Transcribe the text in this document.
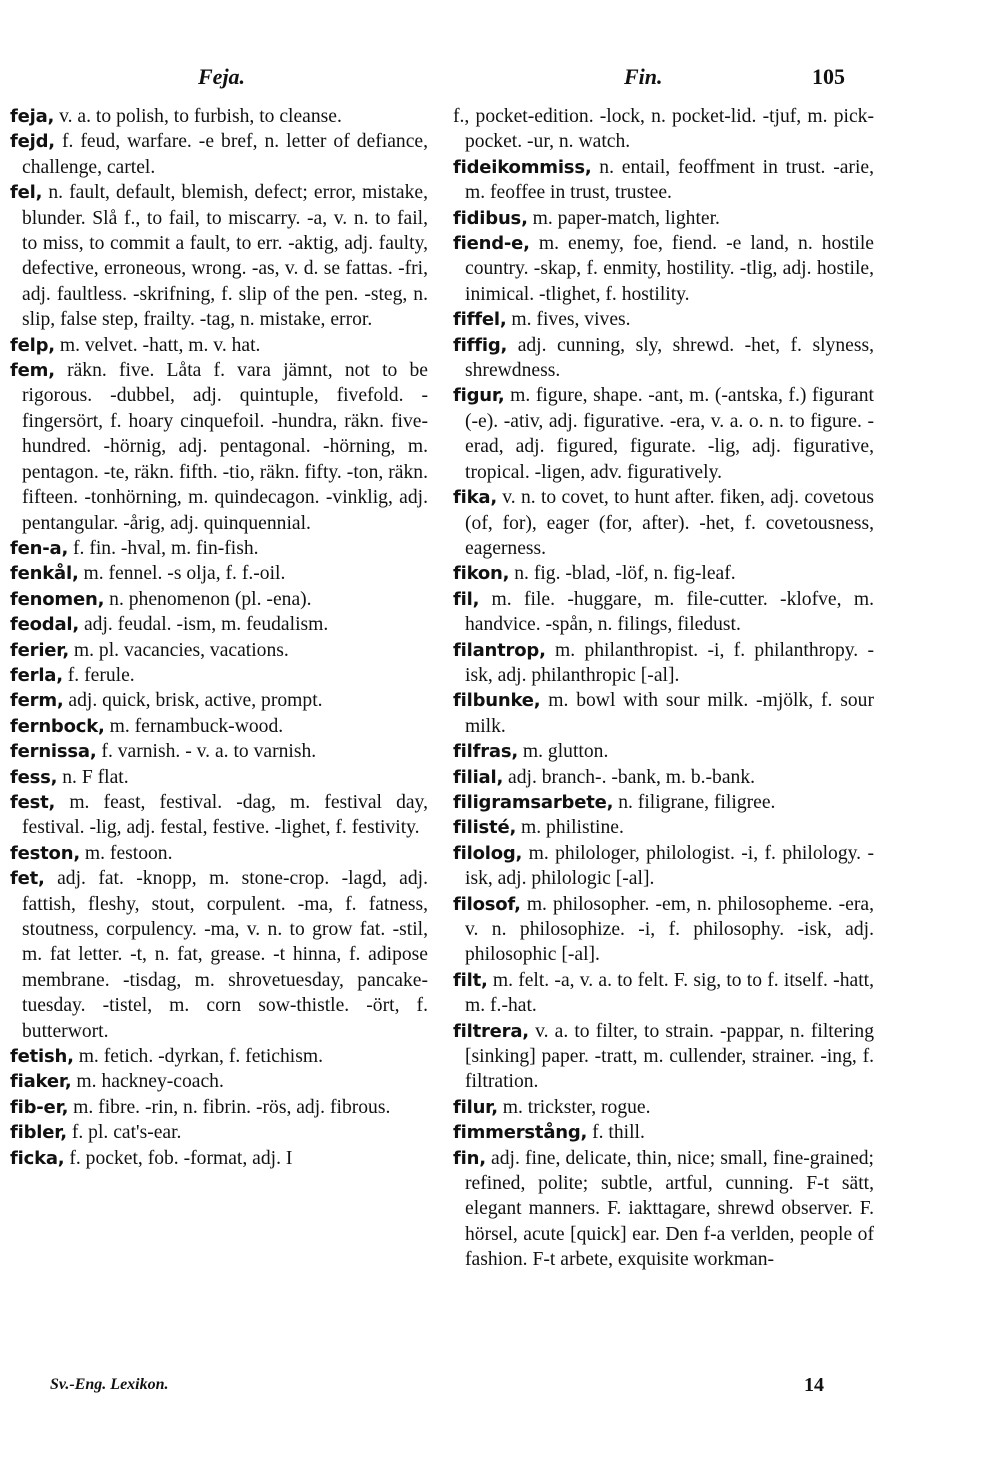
Feja.	Fin.	105

feja, v. a. to polish, to furbish, to cleanse.

fejd, f. feud, warfare. -e bref, n. letter of defiance, challenge, cartel.

fel, n. fault, default, blemish, defect; error, mistake, blunder. Slå f., to fail, to miscarry. -a, v. n. to fail, to miss, to commit a fault, to err. -aktig, adj. faulty, defective, erroneous, wrong. -as, v. d. se fattas. -fri, adj. faultless. -skrifning, f. slip of the pen. -steg, n. slip, false step, frailty. -tag, n. mistake, error.

felp, m. velvet. -hatt, m. v. hat.

fem, räkn. five. Låta f. vara jämnt, not to be rigorous. -dubbel, adj. quintuple, fivefold. -fingersört, f. hoary cinquefoil. -hundra, räkn. five-hundred. -hörnig, adj. pentagonal. -hörning, m. pentagon. -te, räkn. fifth. -tio, räkn. fifty. -ton, räkn. fifteen. -tonhörning, m. quindecagon. -vinklig, adj. pentangular. -årig, adj. quinquennial.

fen-a, f. fin. -hval, m. fin-fish.

fenkål, m. fennel. -s olja, f. f.-oil.

fenomen, n. phenomenon (pl. -ena).

feodal, adj. feudal. -ism, m. feudalism.

ferier, m. pl. vacancies, vacations.

ferla, f. ferule.

ferm, adj. quick, brisk, active, prompt.

fernbock, m. fernambuck-wood.

fernissa, f. varnish. - v. a. to varnish.

fess, n. F flat.

fest, m. feast, festival. -dag, m. festival day, festival. -lig, adj. festal, festive. -lighet, f. festivity.

feston, m. festoon.

fet, adj. fat. -knopp, m. stone-crop. -lagd, adj. fattish, fleshy, stout, corpulent. -ma, f. fatness, stoutness, corpulency. -ma, v. n. to grow fat. -stil, m. fat letter. -t, n. fat, grease. -t hinna, f. adipose membrane. -tisdag, m. shrovetuesday, pancake-tuesday. -tistel, m. corn sow-thistle. -ört, f. butterwort.

fetish, m. fetich. -dyrkan, f. fetichism.

fiaker, m. hackney-coach.

fib-er, m. fibre. -rin, n. fibrin. -rös, adj. fibrous.

fibler, f. pl. cat's-ear.

ficka, f. pocket, fob. -format, adj. I

f., pocket-edition. -lock, n. pocket-lid. -tjuf, m. pick-pocket. -ur, n. watch.

fideikommiss, n. entail, feoffment in trust. -arie, m. feoffee in trust, trustee.

fidibus, m. paper-match, lighter.

fiend-e, m. enemy, foe, fiend. -e land, n. hostile country. -skap, f. enmity, hostility. -tlig, adj. hostile, inimical. -tlighet, f. hostility.

fiffel, m. fives, vives.

fiffig, adj. cunning, sly, shrewd. -het, f. slyness, shrewdness.

figur, m. figure, shape. -ant, m. (-antska, f.) figurant (-e). -ativ, adj. figurative. -era, v. a. o. n. to figure. -erad, adj. figured, figurate. -lig, adj. figurative, tropical. -ligen, adv. figuratively.

fika, v. n. to covet, to hunt after. fiken, adj. covetous (of, for), eager (for, after). -het, f. covetousness, eagerness.

fikon, n. fig. -blad, -löf, n. fig-leaf.

fil, m. file. -huggare, m. file-cutter. -klofve, m. handvice. -spån, n. filings, filedust.

filantrop, m. philanthropist. -i, f. philanthropy. -isk, adj. philanthropic [-al].

filbunke, m. bowl with sour milk. -mjölk, f. sour milk.

filfras, m. glutton.

filial, adj. branch-. -bank, m. b.-bank.

filigramsarbete, n. filigrane, filigree.

filisté, m. philistine.

filolog, m. philologer, philologist. -i, f. philology. -isk, adj. philologic [-al].

filosof, m. philosopher. -em, n. philosopheme. -era, v. n. philosophize. -i, f. philosophy. -isk, adj. philosophic [-al].

filt, m. felt. -a, v. a. to felt. F. sig, to to f. itself. -hatt, m. f.-hat.

filtrera, v. a. to filter, to strain. -pappar, n. filtering [sinking] paper. -tratt, m. cullender, strainer. -ing, f. filtration.

filur, m. trickster, rogue.

fimmerstång, f. thill.

fin, adj. fine, delicate, thin, nice; small, fine-grained; refined, polite; subtle, artful, cunning. F-t sätt, elegant manners. F. iakttagare, shrewd observer. F. hörsel, acute [quick] ear. Den f-a verlden, people of fashion. F-t arbete, exquisite workman-

Sv.-Eng. Lexikon.	14
